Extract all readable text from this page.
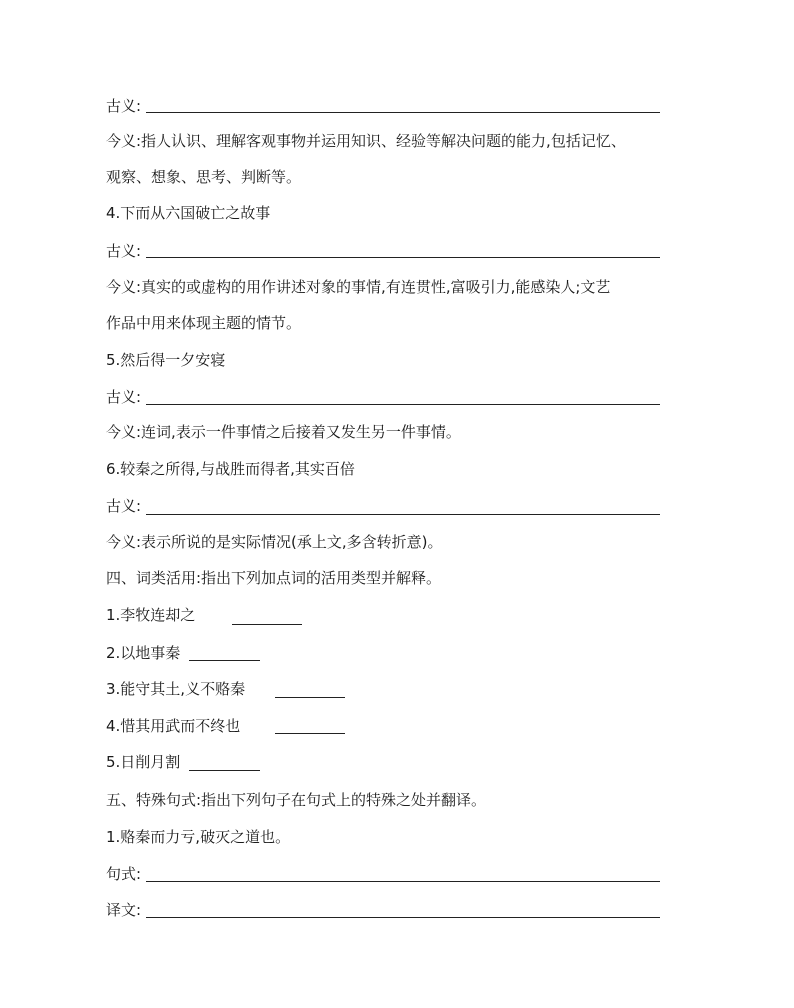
古义:
今义:指人认识、理解客观事物并运用知识、经验等解决问题的能力,包括记忆、
观察、想象、思考、判断等。
4.下而从六国破亡之故事
古义:
今义:真实的或虚构的用作讲述对象的事情,有连贯性,富吸引力,能感染人;文艺
作品中用来体现主题的情节。
5.然后得一夕安寝
古义:
今义:连词,表示一件事情之后接着又发生另一件事情。
6.较秦之所得,与战胜而得者,其实百倍
古义:
今义:表示所说的是实际情况(承上文,多含转折意)。
四、词类活用:指出下列加点词的活用类型并解释。
1.李牧连却之
2.以地事秦
3.能守其土,义不赂秦
4.惜其用武而不终也
5.日削月割
五、特殊句式:指出下列句子在句式上的特殊之处并翻译。
1.赂秦而力亏,破灭之道也。
句式:
译文:
